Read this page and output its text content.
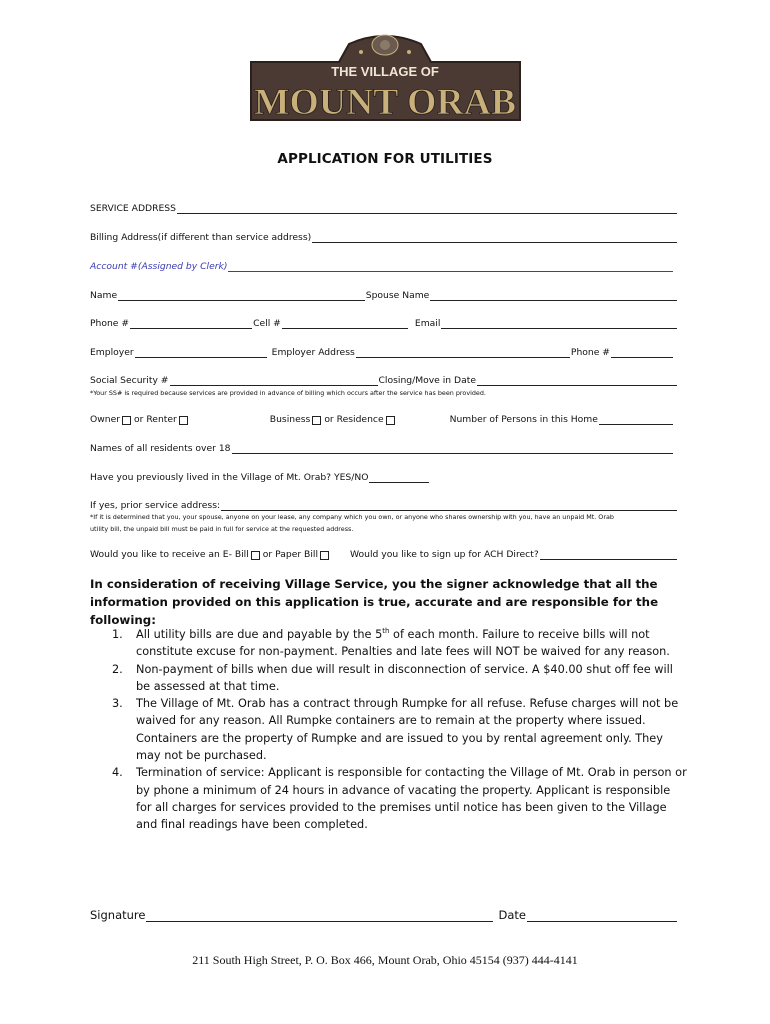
THE VILLAGE OF
MOUNT ORAB
APPLICATION FOR UTILITIES
SERVICE ADDRESS
Billing Address(if different than service address)
Account #(Assigned by Clerk)
Name	Spouse Name
Phone #	Cell #	Email
Employer	Employer Address	Phone #
Social Security #	Closing/Move in Date
*Your SS# is required because services are provided in advance of billing which occurs after the service has been provided.
Owner or Renter	Business or Residence	Number of Persons in this Home
Names of all residents over 18
Have you previously lived in the Village of Mt. Orab? YES/NO
If yes, prior service address:
*If it is determined that you, your spouse, anyone on your lease, any company which you own, or anyone who shares ownership with you, have an unpaid Mt. Orab
utility bill, the unpaid bill must be paid in full for service at the requested address.
Would you like to receive an E- Bill or Paper Bill	Would you like to sign up for ACH Direct?
In consideration of receiving Village Service, you the signer acknowledge that all the information provided on this application is true, accurate and are responsible for the following:
1. All utility bills are due and payable by the 5th of each month. Failure to receive bills will not constitute excuse for non-payment. Penalties and late fees will NOT be waived for any reason.
2. Non-payment of bills when due will result in disconnection of service. A $40.00 shut off fee will be assessed at that time.
3. The Village of Mt. Orab has a contract through Rumpke for all refuse. Refuse charges will not be waived for any reason. All Rumpke containers are to remain at the property where issued. Containers are the property of Rumpke and are issued to you by rental agreement only. They may not be purchased.
4. Termination of service: Applicant is responsible for contacting the Village of Mt. Orab in person or by phone a minimum of 24 hours in advance of vacating the property. Applicant is responsible for all charges for services provided to the premises until notice has been given to the Village and final readings have been completed.
Signature	Date
211 South High Street, P. O. Box 466, Mount Orab, Ohio 45154 (937) 444-4141
